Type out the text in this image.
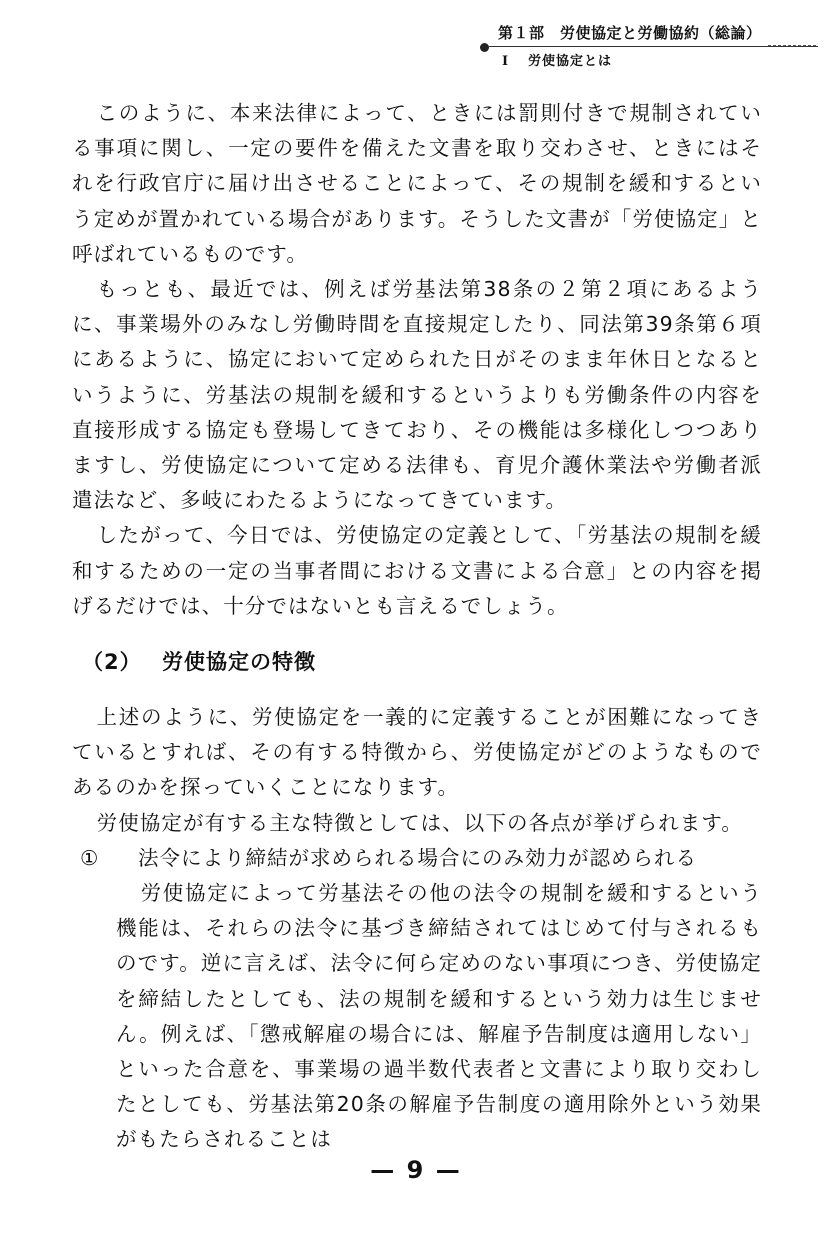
第１部　労使協定と労働協約（総論）
Ⅰ 労使協定とは

このように、本来法律によって、ときには罰則付きで規制されている事項に関し、一定の要件を備えた文書を取り交わさせ、ときにはそれを行政官庁に届け出させることによって、その規制を緩和するという定めが置かれている場合があります。そうした文書が「労使協定」と呼ばれているものです。

もっとも、最近では、例えば労基法第38条の２第２項にあるように、事業場外のみなし労働時間を直接規定したり、同法第39条第６項にあるように、協定において定められた日がそのまま年休日となるというように、労基法の規制を緩和するというよりも労働条件の内容を直接形成する協定も登場してきており、その機能は多様化しつつありますし、労使協定について定める法律も、育児介護休業法や労働者派遣法など、多岐にわたるようになってきています。

したがって、今日では、労使協定の定義として、「労基法の規制を緩和するための一定の当事者間における文書による合意」との内容を掲げるだけでは、十分ではないとも言えるでしょう。

（2） 労使協定の特徴

上述のように、労使協定を一義的に定義することが困難になってきているとすれば、その有する特徴から、労使協定がどのようなものであるのかを探っていくことになります。

労使協定が有する主な特徴としては、以下の各点が挙げられます。

①	法令により締結が求められる場合にのみ効力が認められる

労使協定によって労基法その他の法令の規制を緩和するという機能は、それらの法令に基づき締結されてはじめて付与されるものです。逆に言えば、法令に何ら定めのない事項につき、労使協定を締結したとしても、法の規制を緩和するという効力は生じません。例えば、「懲戒解雇の場合には、解雇予告制度は適用しない」といった合意を、事業場の過半数代表者と文書により取り交わしたとしても、労基法第20条の解雇予告制度の適用除外という効果がもたらされることは

— 9 —
